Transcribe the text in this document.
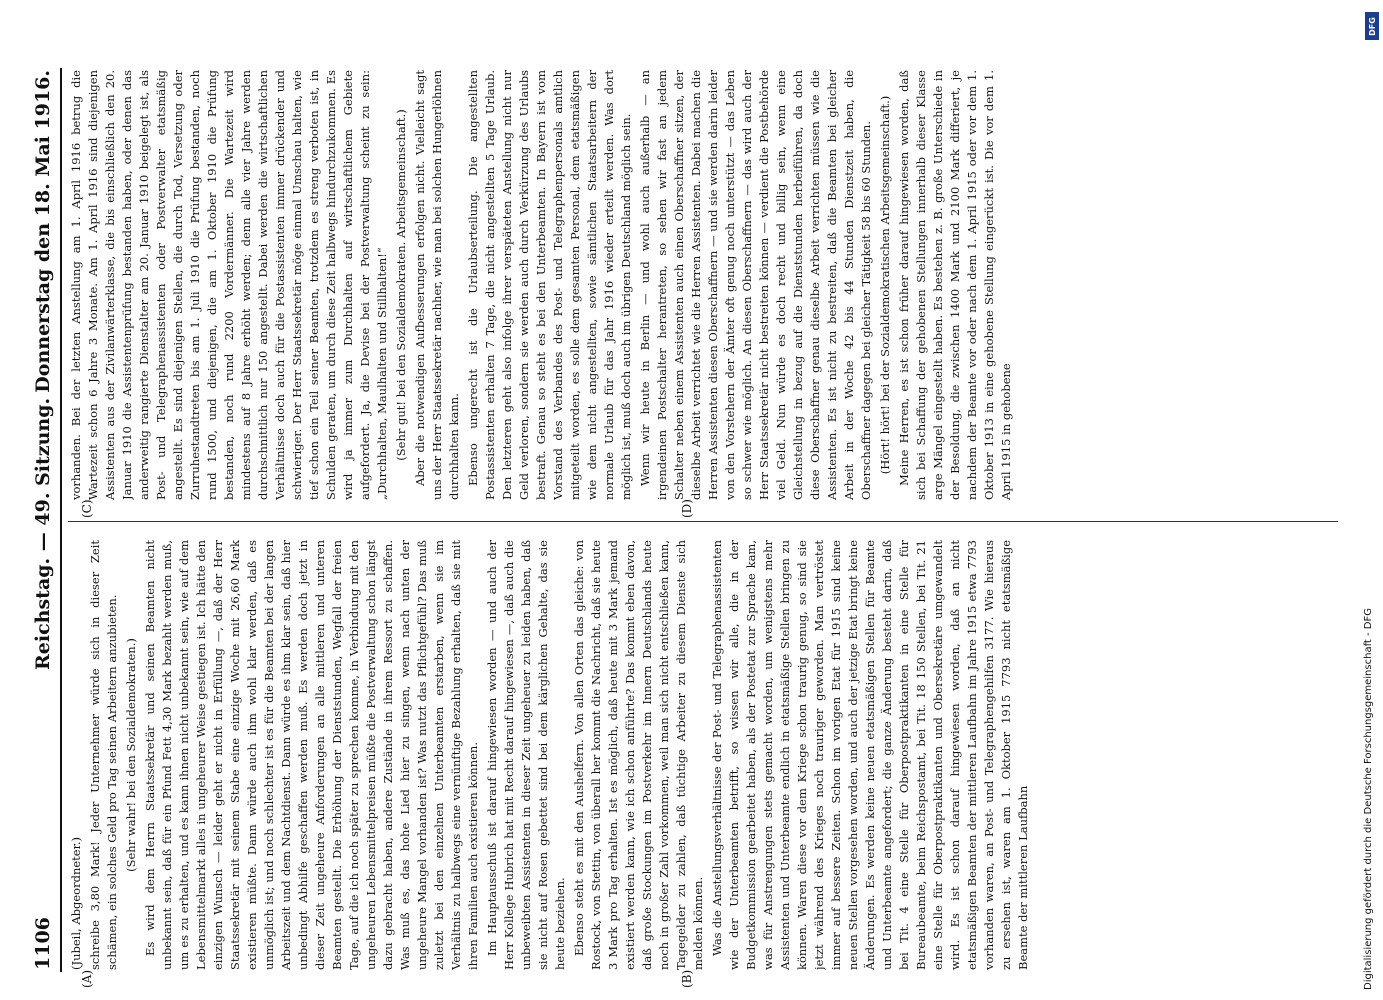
1106
Reichstag. — 49. Sitzung.
Donnerstag den 18. Mai 1916.
(A)	(B)
(C)	(D)

(Jubeil, Abgeordneter.) schreibe 3,80 Mark! Jeder Unternehmer würde sich in dieser Zeit schämen, ein solches Geld pro Tag seinen Arbeitern anzubieten. (Sehr wahr! bei den Sozialdemokraten.) Es wird dem Herrn Staatssekretär und seinen Beamten nicht unbekannt sein, daß für ein Pfund Fett 4,30 Mark bezahlt werden muß, um es zu erhalten, und es kann ihnen nicht unbekannt sein, wie auf dem Lebensmittelmarkt alles in ungeheurer Weise gestiegen ist. Ich hätte den einzigen Wunsch — leider geht er nicht in Erfüllung —, daß der Herr Staatssekretär mit seinem Stabe eine einzige Woche mit 26,60 Mark existieren müßte. Dann würde auch ihm wohl klar werden, daß es unmöglich ist; und noch schlechter ist es für die Beamten bei der langen Arbeitszeit und dem Nachtdienst. Dann würde es ihm klar sein, daß hier unbedingt Abhilfe geschaffen werden muß. Es werden doch jetzt in dieser Zeit ungeheure Anforderungen an alle mittleren und unteren Beamten gestellt. Die Erhöhung der Dienststunden, Wegfall der freien Tage, auf die ich noch später zu sprechen komme, in Verbindung mit den ungeheuren Lebensmittelpreisen müßte die Postverwaltung schon längst dazu gebracht haben, andere Zustände in ihrem Ressort zu schaffen. Was muß es, das hohe Lied hier zu singen, wenn nach unten der ungeheure Mangel vorhanden ist? Was nutzt das Pflichtgefühl? Das muß zuletzt bei den einzelnen Unterbeamten erstarben, wenn sie im Verhältnis zu halbwegs eine vernünftige Bezahlung erhalten, daß sie mit ihren Familien auch existieren können. Im Hauptausschuß ist darauf hingewiesen worden — und auch der Herr Kollege Hubrich hat mit Recht darauf hingewiesen —, daß auch die unbeweibten Assistenten in dieser Zeit ungeheuer zu leiden haben, daß sie nicht auf Rosen gebettet sind bei dem kärglichen Gehalte, das sie heute beziehen. Ebenso steht es mit den Aushelfern. Von allen Orten das gleiche: von Rostock, von Stettin, von überall her kommt die Nachricht, daß sie heute 3 Mark pro Tag erhalten. Ist es möglich, daß heute mit 3 Mark jemand existiert werden kann, wie ich schon anführte? Das kommt eben davon, daß große Stockungen im Postverkehr im Innern Deutschlands heute noch in großer Zahl vorkommen, weil man sich nicht entschließen kann, Tagegelder zu zahlen, daß tüchtige Arbeiter zu diesem Dienste sich melden können. Was die Anstellungsverhältnisse der Post- und Telegraphenassistenten wie der Unterbeamten betrifft, so wissen wir alle, die in der Budgetkommission gearbeitet haben, als der Postetat zur Sprache kam, was für Anstrengungen stets gemacht worden, um wenigstens mehr Assistenten und Unterbeamte endlich in etatsmäßige Stellen bringen zu können. Waren diese vor dem Kriege schon traurig genug, so sind sie jetzt während des Krieges noch trauriger geworden. Man vertröstet immer auf bessere Zeiten. Schon im vorigen Etat für 1915 sind keine neuen Stellen vorgesehen worden, und auch der jetzige Etat bringt keine Änderungen. Es werden keine neuen etatsmäßigen Stellen für Beamte und Unterbeamte angefordert; die ganze Änderung besteht darin, daß bei Tit. 4 eine Stelle für Oberpostpraktikanten in eine Stelle für Bureaubeamte, beim Reichspostamt, bei Tit. 18 150 Stellen, bei Tit. 21 eine Stelle für Oberpostpraktikanten und Obersekretäre umgewandelt wird. Es ist schon darauf hingewiesen worden, daß an nicht etatsmäßigen Beamten der mittleren Laufbahn im Jahre 1915 etwa 7793 vorhanden waren, an Post- und Telegraphengehilfen 3177. Wie hieraus zu ersehen ist, waren am 1. Oktober 1915 7793 nicht etatsmäßige Beamte der mittleren Laufbahn

vorhanden. Bei der letzten Anstellung am 1. April 1916 betrug die Wartezeit schon 6 Jahre 3 Monate. Am 1. April 1916 sind diejenigen Assistenten aus der Zivilanwärterklasse, die bis einschließlich den 20. Januar 1910 die Assistentenprüfung bestanden haben, oder denen das anderweitig rangierte Dienstalter am 20. Januar 1910 beigelegt ist, als Post- und Telegraphenassistenten oder Postverwalter etatsmäßig angestellt. Es sind diejenigen Stellen, die durch Tod, Versetzung oder Zurruhestandtreten bis am 1. Juli 1910 die Prüfung bestanden, noch rund 1500, und diejenigen, die am 1. Oktober 1910 die Prüfung bestanden, noch rund 2200 Vordermänner. Die Wartezeit wird mindestens auf 8 Jahre erhöht werden; denn alle vier Jahre werden durchschnittlich nur 150 angestellt. Dabei werden die wirtschaftlichen Verhältnisse doch auch für die Postassistenten immer drückender und schwieriger. Der Herr Staatssekretär möge einmal Umschau halten, wie tief schon ein Teil seiner Beamten, trotzdem es streng verboten ist, in Schulden geraten, um durch diese Zeit halbwegs hindurchzukommen. Es wird ja immer zum Durchhalten auf wirtschaftlichem Gebiete aufgefordert. Ja, die Devise bei der Postverwaltung scheint zu sein: „Durchhalten, Maulhalten und Stillhalten!“ (Sehr gut! bei den Sozialdemokraten. Arbeitsgemeinschaft.) Aber die notwendigen Aufbesserungen erfolgen nicht. Vielleicht sagt uns der Herr Staatssekretär nachher, wie man bei solchen Hungerlöhnen durchhalten kann. Ebenso ungerecht ist die Urlaubserteilung. Die angestellten Postassistenten erhalten 7 Tage, die nicht angestellten 5 Tage Urlaub. Den letzteren geht also infolge ihrer verspäteten Anstellung nicht nur Geld verloren, sondern sie werden auch durch Verkürzung des Urlaubs bestraft. Genau so steht es bei den Unterbeamten. In Bayern ist vom Vorstand des Verbandes des Post- und Telegraphenpersonals amtlich mitgeteilt worden, es solle dem gesamten Personal, dem etatsmäßigen wie dem nicht angestellten, sowie sämtlichen Staatsarbeitern der normale Urlaub für das Jahr 1916 wieder erteilt werden. Was dort möglich ist, muß doch auch im übrigen Deutschland möglich sein. Wenn wir heute in Berlin — und wohl auch außerhalb — an irgendeinen Postschalter herantreten, so sehen wir fast an jedem Schalter neben einem Assistenten auch einen Oberschaffner sitzen, der dieselbe Arbeit verrichtet wie die Herren Assistenten. Dabei machen die Herren Assistenten diesen Oberschaffnern — und sie werden darin leider von den Vorstehern der Ämter oft genug noch unterstützt — das Leben so schwer wie möglich. An diesen Oberschaffnern — das wird auch der Herr Staatssekretär nicht bestreiten können — verdient die Postbehörde viel Geld. Nun würde es doch recht und billig sein, wenn eine Gleichstellung in bezug auf die Dienststunden herbeiführen, da doch diese Oberschaffner genau dieselbe Arbeit verrichten müssen wie die Assistenten. Es ist nicht zu bestreiten, daß die Beamten bei gleicher Arbeit in der Woche 42 bis 44 Stunden Dienstzeit haben, die Oberschaffner dagegen bei gleicher Tätigkeit 58 bis 60 Stunden. (Hört! hört! bei der Sozialdemokratischen Arbeitsgemeinschaft.) Meine Herren, es ist schon früher darauf hingewiesen worden, daß sich bei Schaffung der gehobenen Stellungen innerhalb dieser Klasse arge Mängel eingestellt haben. Es bestehen z. B. große Unterschiede in der Besoldung, die zwischen 1400 Mark und 2100 Mark differiert, je nachdem der Beamte vor oder nach dem 1. April 1915 oder vor dem 1. Oktober 1913 in eine gehobene Stellung eingerückt ist. Die vor dem 1. April 1915 in gehobene

Digitalisierung gefördert durch die Deutsche Forschungsgemeinschaft - DFG
DFG
